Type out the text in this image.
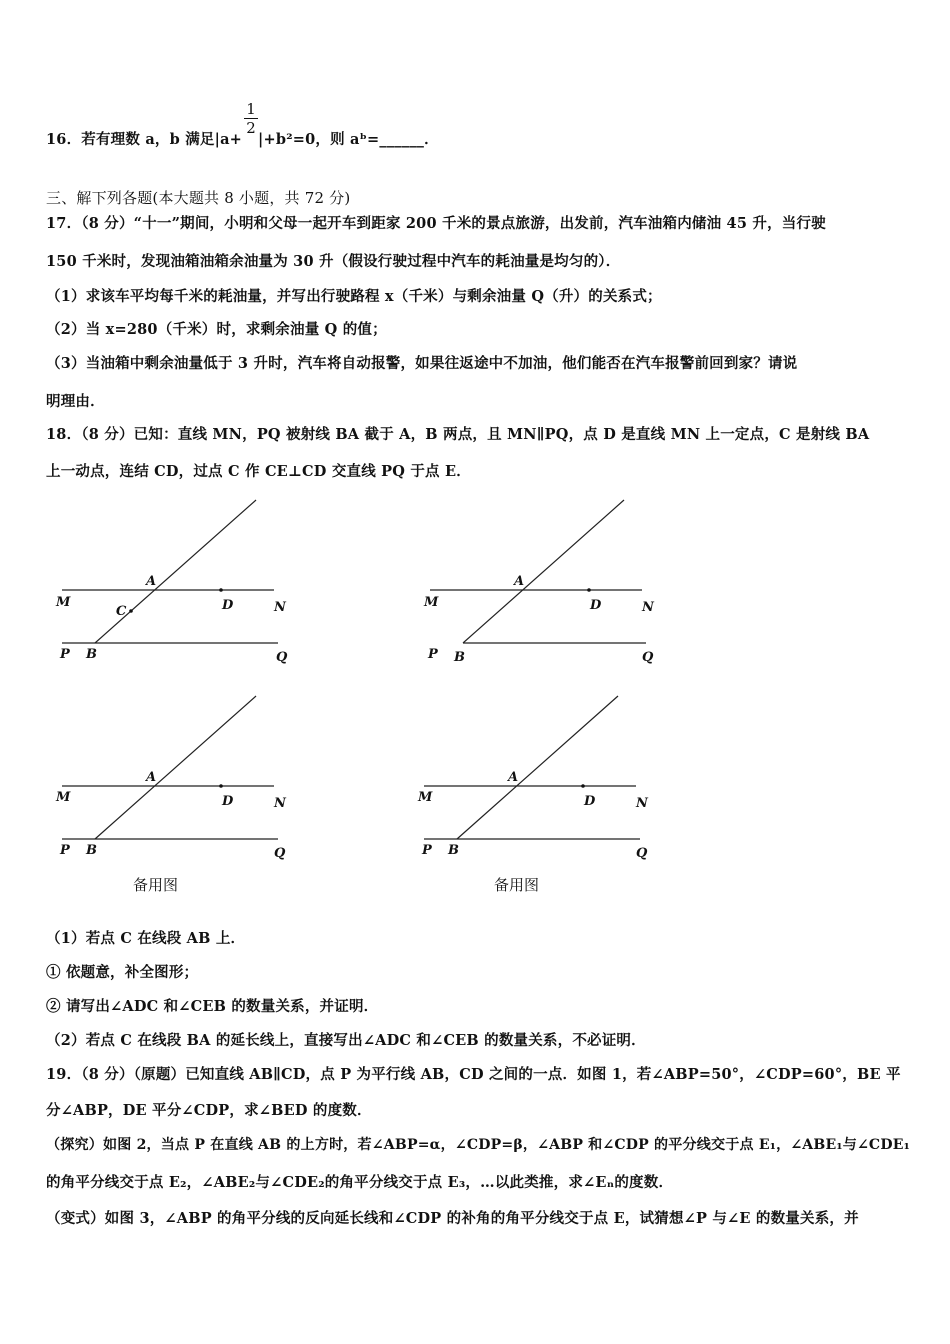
16．若有理数 a，b 满足|a+ |+b²=0，则 aᵇ=______．
$\frac{1}{2}$
三、解下列各题(本大题共 8 小题，共 72 分)
17．（8 分）“十一”期间，小明和父母一起开车到距家 200 千米的景点旅游，出发前，汽车油箱内储油 45 升，当行驶
150 千米时，发现油箱油箱余油量为 30 升（假设行驶过程中汽车的耗油量是均匀的）．
（1）求该车平均每千米的耗油量，并写出行驶路程 x（千米）与剩余油量 Q（升）的关系式；
（2）当 x=280（千米）时，求剩余油量 Q 的值；
（3）当油箱中剩余油量低于 3 升时，汽车将自动报警，如果往返途中不加油，他们能否在汽车报警前回到家？请说
明理由．
18．（8 分）已知：直线 MN，PQ 被射线 BA 截于 A，B 两点，且 MN∥PQ，点 D 是直线 MN 上一定点，C 是射线 BA
上一动点，连结 CD，过点 C 作 CE⊥CD 交直线 PQ 于点 E．
M	N
A
D
C
P B	Q
M	N
A
D
P B	Q
M	N
A
D
P B	Q
备用图
M	N
A
D
P B	Q
备用图
（1）若点 C 在线段 AB 上．
① 依题意，补全图形；
② 请写出∠ADC 和∠CEB 的数量关系，并证明．
（2）若点 C 在线段 BA 的延长线上，直接写出∠ADC 和∠CEB 的数量关系，不必证明．
19．（8 分）（原题）已知直线 AB∥CD，点 P 为平行线 AB，CD 之间的一点．如图 1，若∠ABP=50°，∠CDP=60°，BE 平
分∠ABP，DE 平分∠CDP，求∠BED 的度数．
（探究）如图 2，当点 P 在直线 AB 的上方时，若∠ABP=α，∠CDP=β，∠ABP 和∠CDP 的平分线交于点 E₁，∠ABE₁与∠CDE₁
的角平分线交于点 E₂，∠ABE₂与∠CDE₂的角平分线交于点 E₃，…以此类推，求∠Eₙ的度数．
（变式）如图 3，∠ABP 的角平分线的反向延长线和∠CDP 的补角的角平分线交于点 E，试猜想∠P 与∠E 的数量关系，并
